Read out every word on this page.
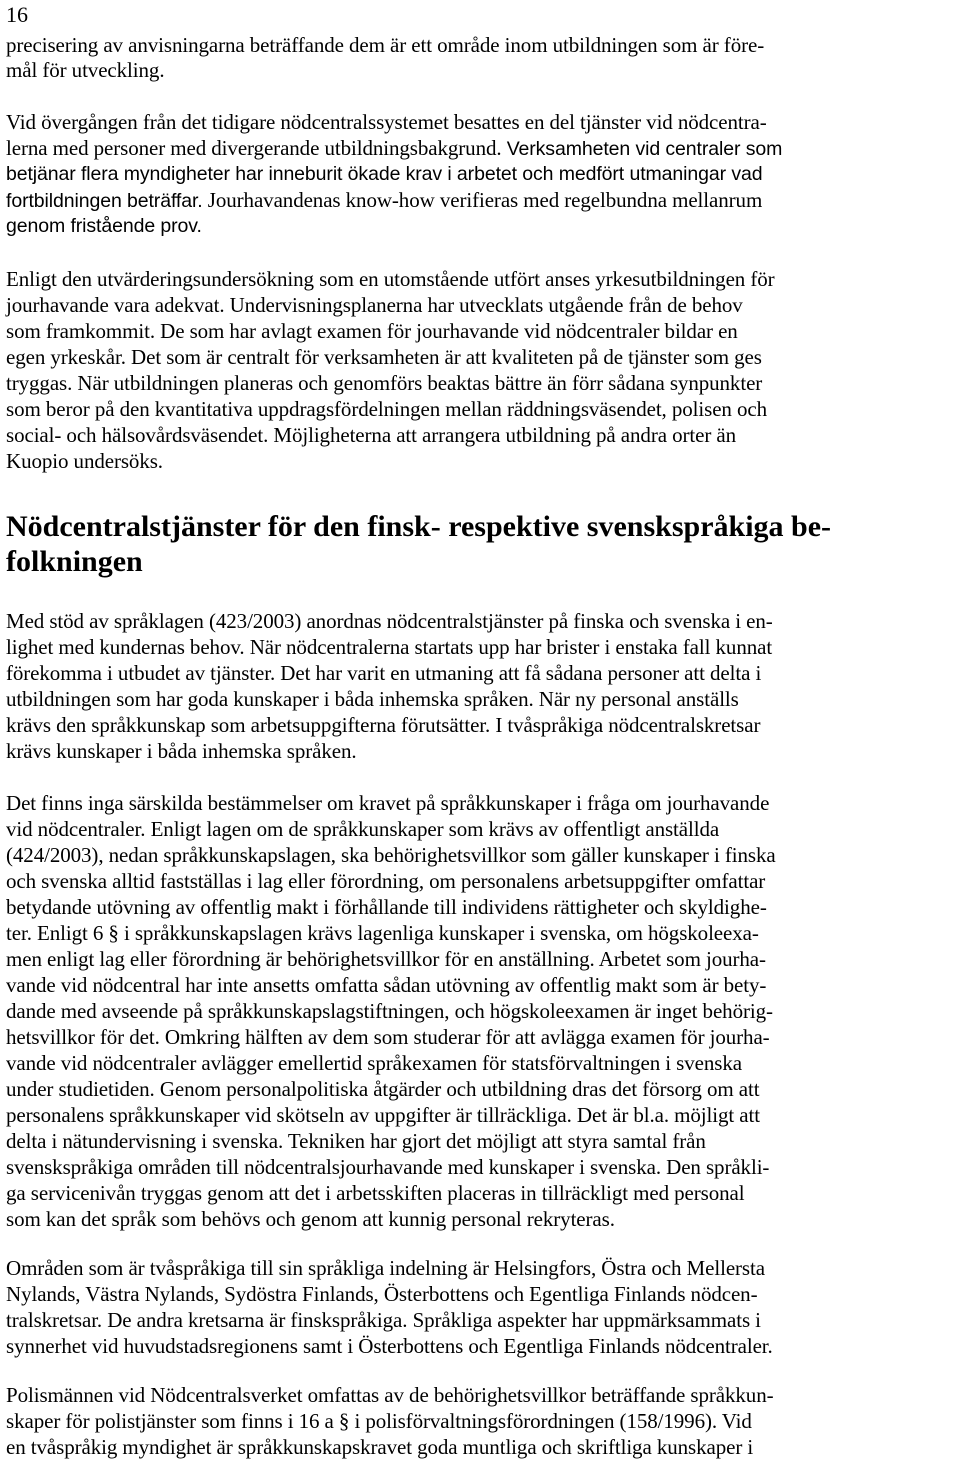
16

precisering av anvisningarna beträffande dem är ett område inom utbildningen som är före-

mål för utveckling.

Vid övergången från det tidigare nödcentralssystemet besattes en del tjänster vid nödcentra-

lerna med personer med divergerande utbildningsbakgrund. Verksamheten vid centraler som

betjänar flera myndigheter har inneburit ökade krav i arbetet och medfört utmaningar vad

fortbildningen beträffar. Jourhavandenas know-how verifieras med regelbundna mellanrum

genom fristående prov.

Enligt den utvärderingsundersökning som en utomstående utfört anses yrkesutbildningen för

jourhavande vara adekvat. Undervisningsplanerna har utvecklats utgående från de behov

som framkommit. De som har avlagt examen för jourhavande vid nödcentraler bildar en

egen yrkeskår. Det som är centralt för verksamheten är att kvaliteten på de tjänster som ges

tryggas. När utbildningen planeras och genomförs beaktas bättre än förr sådana synpunkter

som beror på den kvantitativa uppdragsfördelningen mellan räddningsväsendet, polisen och

social- och hälsovårdsväsendet. Möjligheterna att arrangera utbildning på andra orter än

Kuopio undersöks.

Nödcentralstjänster för den finsk- respektive svenskspråkiga be-

folkningen

Med stöd av språklagen (423/2003) anordnas nödcentralstjänster på finska och svenska i en-

lighet med kundernas behov. När nödcentralerna startats upp har brister i enstaka fall kunnat

förekomma i utbudet av tjänster. Det har varit en utmaning att få sådana personer att delta i

utbildningen som har goda kunskaper i båda inhemska språken. När ny personal anställs

krävs den språkkunskap som arbetsuppgifterna förutsätter. I tvåspråkiga nödcentralskretsar

krävs kunskaper i båda inhemska språken.

Det finns inga särskilda bestämmelser om kravet på språkkunskaper i fråga om jourhavande

vid nödcentraler. Enligt lagen om de språkkunskaper som krävs av offentligt anställda

(424/2003), nedan språkkunskapslagen, ska behörighetsvillkor som gäller kunskaper i finska

och svenska alltid fastställas i lag eller förordning, om personalens arbetsuppgifter omfattar

betydande utövning av offentlig makt i förhållande till individens rättigheter och skyldighe-

ter. Enligt 6 § i språkkunskapslagen krävs lagenliga kunskaper i svenska, om högskoleexa-

men enligt lag eller förordning är behörighetsvillkor för en anställning. Arbetet som jourha-

vande vid nödcentral har inte ansetts omfatta sådan utövning av offentlig makt som är bety-

dande med avseende på språkkunskapslagstiftningen, och högskoleexamen är inget behörig-

hetsvillkor för det. Omkring hälften av dem som studerar för att avlägga examen för jourha-

vande vid nödcentraler avlägger emellertid språkexamen för statsförvaltningen i svenska

under studietiden. Genom personalpolitiska åtgärder och utbildning dras det försorg om att

personalens språkkunskaper vid skötseln av uppgifter är tillräckliga. Det är bl.a. möjligt att

delta i nätundervisning i svenska. Tekniken har gjort det möjligt att styra samtal från

svenskspråkiga områden till nödcentralsjourhavande med kunskaper i svenska. Den språkli-

ga servicenivån tryggas genom att det i arbetsskiften placeras in tillräckligt med personal

som kan det språk som behövs och genom att kunnig personal rekryteras.

Områden som är tvåspråkiga till sin språkliga indelning är Helsingfors, Östra och Mellersta

Nylands, Västra Nylands, Sydöstra Finlands, Österbottens och Egentliga Finlands nödcen-

tralskretsar. De andra kretsarna är finskspråkiga. Språkliga aspekter har uppmärksammats i

synnerhet vid huvudstadsregionens samt i Österbottens och Egentliga Finlands nödcentraler.

Polismännen vid Nödcentralsverket omfattas av de behörighetsvillkor beträffande språkkun-

skaper för polistjänster som finns i 16 a § i polisförvaltningsförordningen (158/1996). Vid

en tvåspråkig myndighet är språkkunskapskravet goda muntliga och skriftliga kunskaper i
